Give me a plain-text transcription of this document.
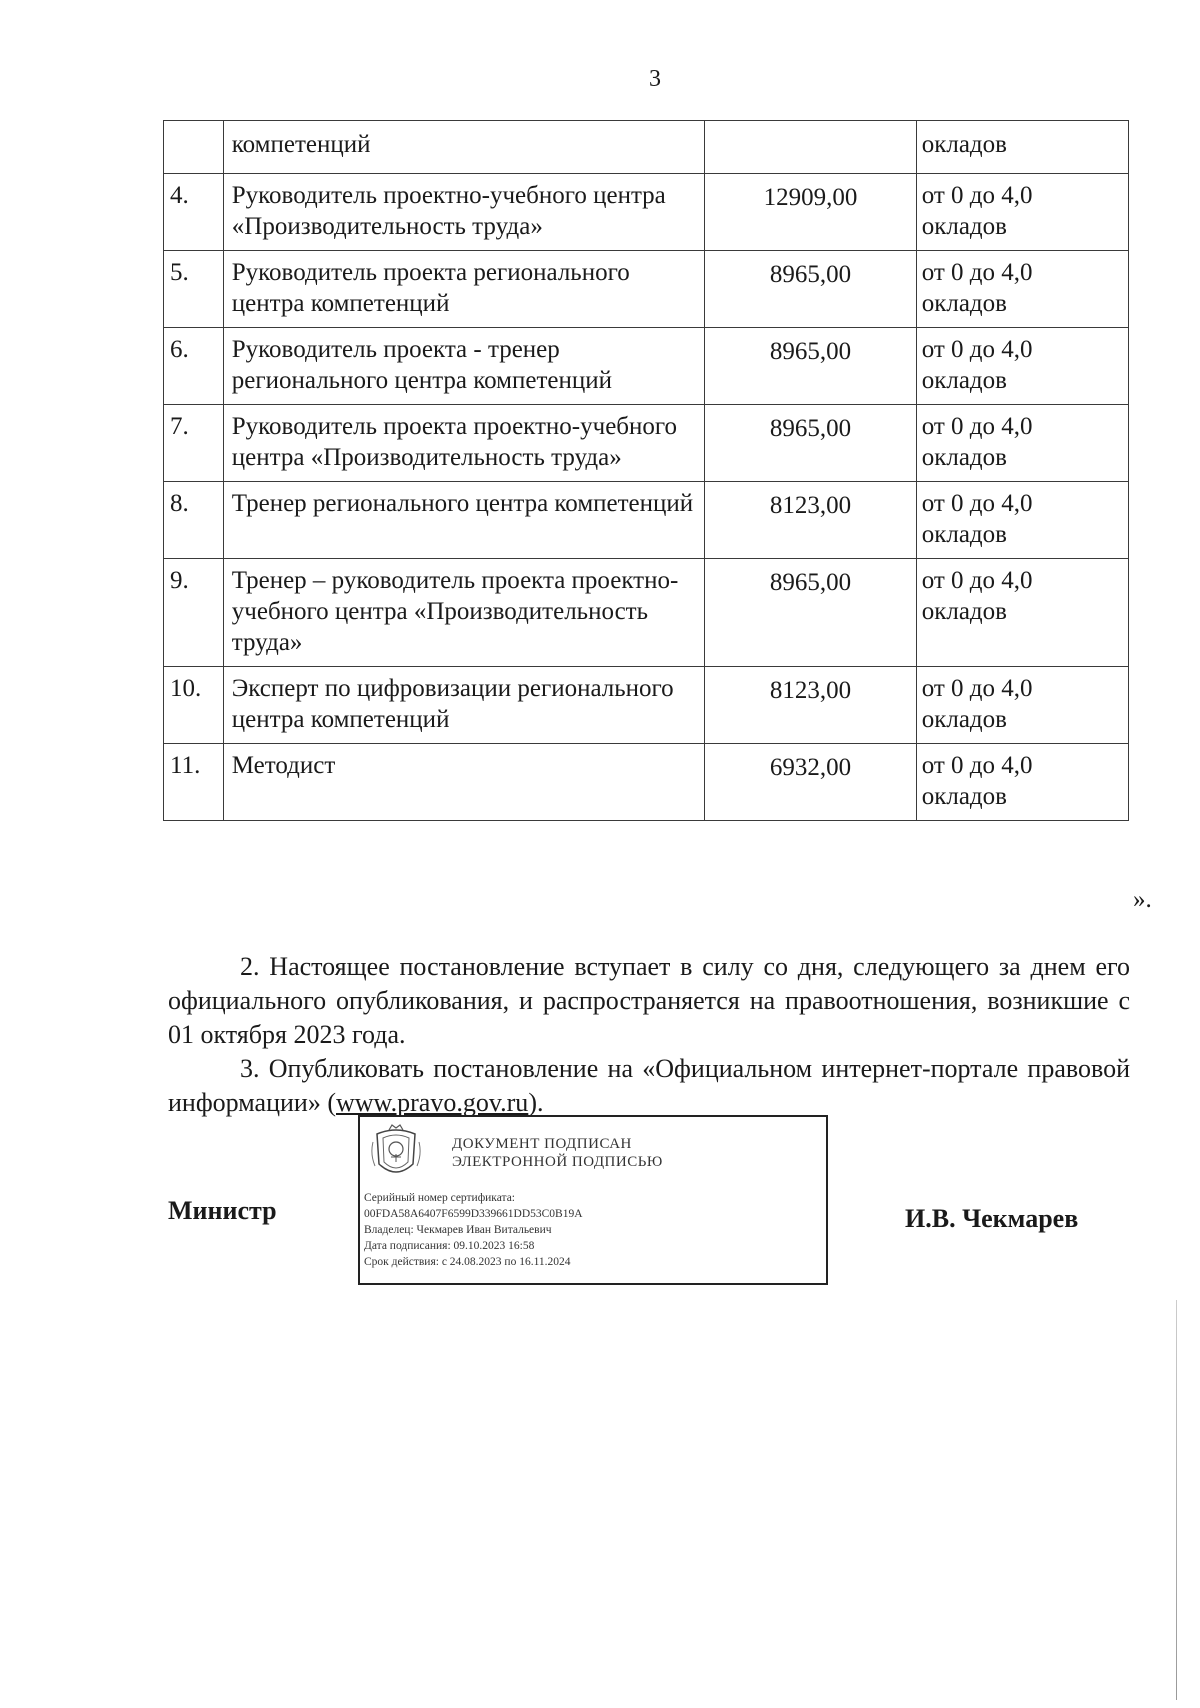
3
	компетенций		окладов
4.	Руководитель проектно-учебного центра «Производительность труда»	12909,00	от 0 до 4,0 окладов
5.	Руководитель проекта регионального центра компетенций	8965,00	от 0 до 4,0 окладов
6.	Руководитель проекта - тренер регионального центра компетенций	8965,00	от 0 до 4,0 окладов
7.	Руководитель проекта проектно-учебного центра «Производительность труда»	8965,00	от 0 до 4,0 окладов
8.	Тренер регионального центра компетенций	8123,00	от 0 до 4,0 окладов
9.	Тренер – руководитель проекта проектно-учебного центра «Производительность труда»	8965,00	от 0 до 4,0 окладов
10.	Эксперт по цифровизации регионального центра компетенций	8123,00	от 0 до 4,0 окладов
11.	Методист	6932,00	от 0 до 4,0 окладов
».
2. Настоящее постановление вступает в силу со дня, следующего за днем его официального опубликования, и распространяется на правоотношения, возникшие с 01 октября 2023 года.
3. Опубликовать постановление на «Официальном интернет-портале правовой информации» (www.pravo.gov.ru).
Министр
ДОКУМЕНТ ПОДПИСАН
ЭЛЕКТРОННОЙ ПОДПИСЬЮ
Серийный номер сертификата:
00FDA58A6407F6599D339661DD53C0B19A
Владелец: Чекмарев Иван Витальевич
Дата подписания: 09.10.2023 16:58
Срок действия: с 24.08.2023 по 16.11.2024
И.В. Чекмарев
